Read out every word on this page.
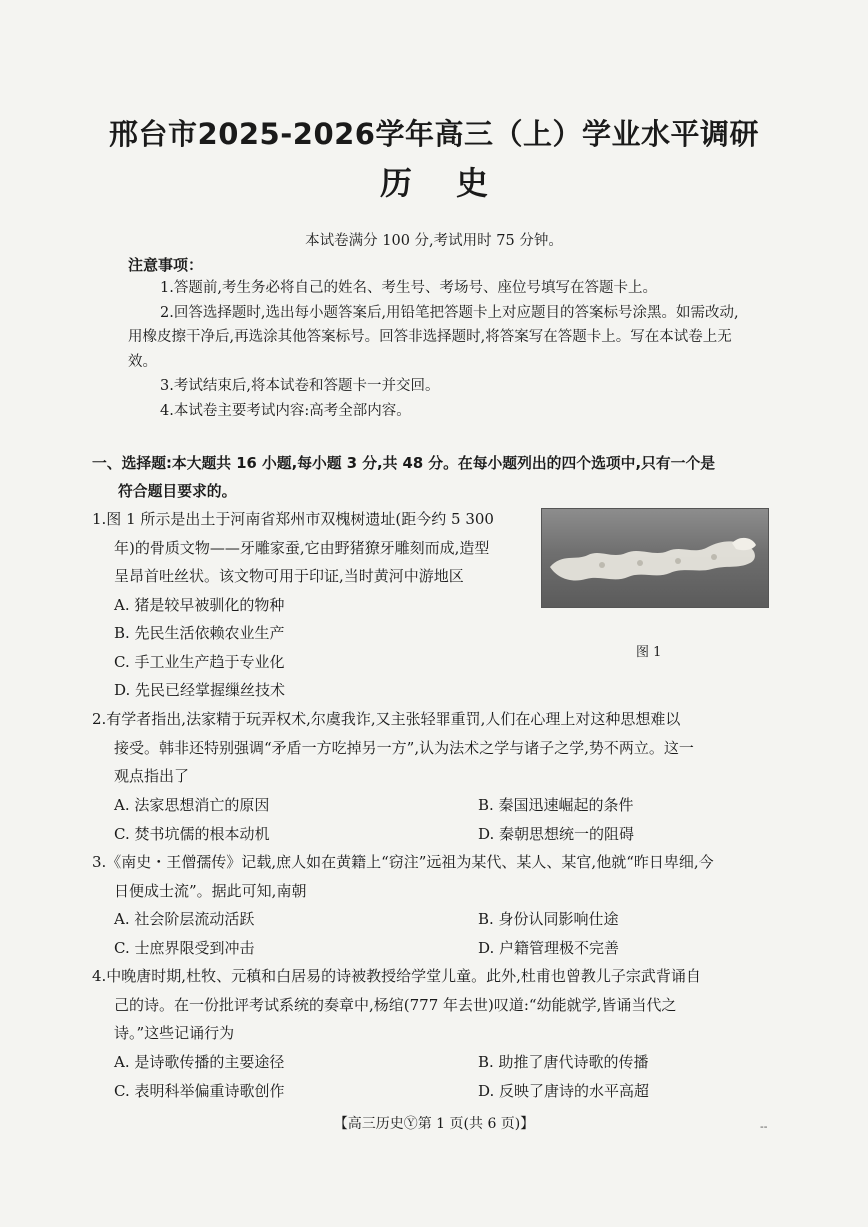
邢台市2025-2026学年高三（上）学业水平调研
历史
本试卷满分 100 分,考试用时 75 分钟。
注意事项：
1.答题前,考生务必将自己的姓名、考生号、考场号、座位号填写在答题卡上。
2.回答选择题时,选出每小题答案后,用铅笔把答题卡上对应题目的答案标号涂黑。如需改动,用橡皮擦干净后,再选涂其他答案标号。回答非选择题时,将答案写在答题卡上。写在本试卷上无效。
3.考试结束后,将本试卷和答题卡一并交回。
4.本试卷主要考试内容:高考全部内容。
一、选择题:本大题共 16 小题,每小题 3 分,共 48 分。在每小题列出的四个选项中,只有一个是
符合题目要求的。
1.图 1 所示是出土于河南省郑州市双槐树遗址(距今约 5 300
年)的骨质文物——牙雕家蚕,它由野猪獠牙雕刻而成,造型
呈昂首吐丝状。该文物可用于印证,当时黄河中游地区
A. 猪是较早被驯化的物种
B. 先民生活依赖农业生产
C. 手工业生产趋于专业化
D. 先民已经掌握缫丝技术
图 1
2.有学者指出,法家精于玩弄权术,尔虞我诈,又主张轻罪重罚,人们在心理上对这种思想难以
接受。韩非还特别强调“矛盾一方吃掉另一方”,认为法术之学与诸子之学,势不两立。这一
观点指出了
A. 法家思想消亡的原因	B. 秦国迅速崛起的条件
C. 焚书坑儒的根本动机	D. 秦朝思想统一的阻碍
3.《南史・王僧孺传》记载,庶人如在黄籍上“窃注”远祖为某代、某人、某官,他就“昨日卑细,今
日便成士流”。据此可知,南朝
A. 社会阶层流动活跃	B. 身份认同影响仕途
C. 士庶界限受到冲击	D. 户籍管理极不完善
4.中晚唐时期,杜牧、元稹和白居易的诗被教授给学堂儿童。此外,杜甫也曾教儿子宗武背诵自
己的诗。在一份批评考试系统的奏章中,杨绾(777 年去世)叹道:“幼能就学,皆诵当代之
诗。”这些记诵行为
A. 是诗歌传播的主要途径	B. 助推了唐代诗歌的传播
C. 表明科举偏重诗歌创作	D. 反映了唐诗的水平高超
【高三历史Ⓨ第 1 页(共 6 页)】	--
